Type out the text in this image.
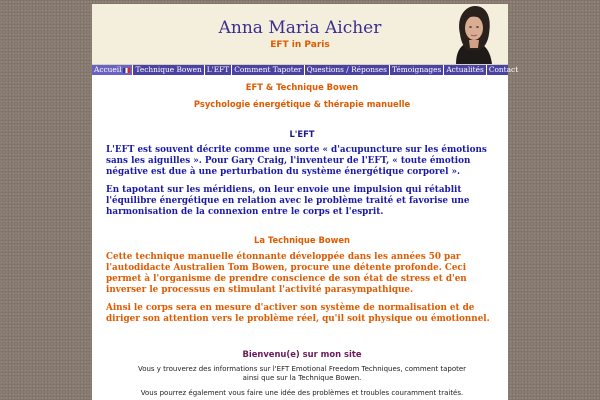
Anna Maria Aicher
EFT in Paris
Accueil Technique Bowen L'EFT Comment Tapoter Questions / Réponses Témoignages Actualités Contact

EFT & Technique Bowen

Psychologie énergétique & thérapie manuelle

L'EFT

L'EFT est souvent décrite comme une sorte « d'acupuncture sur les émotions sans les aiguilles ». Pour Gary Craig, l'inventeur de l'EFT, « toute émotion négative est due à une perturbation du système énergétique corporel ».

En tapotant sur les méridiens, on leur envoie une impulsion qui rétablit l'équilibre énergétique en relation avec le problème traité et favorise une harmonisation de la connexion entre le corps et l'esprit.

La Technique Bowen

Cette technique manuelle étonnante développée dans les années 50 par l'autodidacte Australien Tom Bowen, procure une détente profonde. Ceci permet à l'organisme de prendre conscience de son état de stress et d'en inverser le processus en stimulant l'activité parasympathique.

Ainsi le corps sera en mesure d'activer son système de normalisation et de diriger son attention vers le problème réel, qu'il soit physique ou émotionnel.

Bienvenu(e) sur mon site

Vous y trouverez des informations sur l'EFT Emotional Freedom Techniques, comment tapoter ainsi que sur la Technique Bowen.

Vous pourrez également vous faire une idée des problèmes et troubles couramment traités.
